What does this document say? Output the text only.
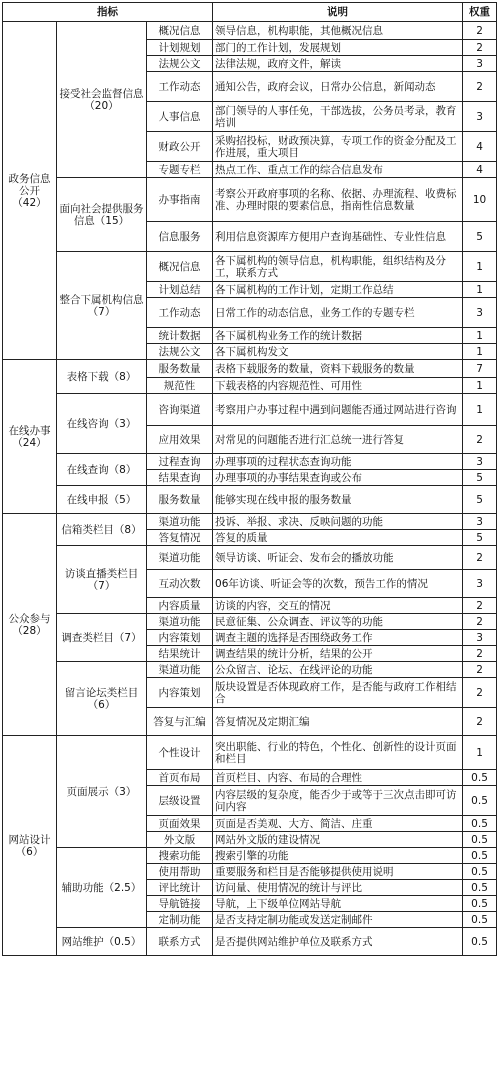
指标			说明	权重
政务信息公开（42）	接受社会监督信息（20）	概况信息	领导信息，机构职能，其他概况信息	2
		计划规划	部门的工作计划，发展规划	2
		法规公文	法律法规，政府文件，解读	3
		工作动态	通知公告，政府会议，日常办公信息，新闻动态	2
		人事信息	部门领导的人事任免，干部选拔，公务员考录，教育培训	3
		财政公开	采购招投标，财政预决算，专项工作的资金分配及工作进展，重大项目	4
		专题专栏	热点工作、重点工作的综合信息发布	4
	面向社会提供服务信息（15）	办事指南	考察公开政府事项的名称、依据、办理流程、收费标准、办理时限的要素信息，指南性信息数量	10
		信息服务	利用信息资源库方便用户查询基础性、专业性信息	5
	整合下属机构信息（7）	概况信息	各下属机构的领导信息，机构职能，组织结构及分工，联系方式	1
		计划总结	各下属机构的工作计划，定期工作总结	1
		工作动态	日常工作的动态信息，业务工作的专题专栏	3
		统计数据	各下属机构业务工作的统计数据	1
		法规公文	各下属机构发文	1
在线办事（24）	表格下载（8）	服务数量	表格下载服务的数量，资料下载服务的数量	7
		规范性	下载表格的内容规范性、可用性	1
	在线咨询（3）	咨询渠道	考察用户办事过程中遇到问题能否通过网站进行咨询	1
		应用效果	对常见的问题能否进行汇总统一进行答复	2
	在线查询（8）	过程查询	办理事项的过程状态查询功能	3
		结果查询	办理事项的办事结果查询或公布	5
	在线申报（5）	服务数量	能够实现在线申报的服务数量	5
公众参与（28）	信箱类栏目（8）	渠道功能	投诉、举报、求决、反映问题的功能	3
		答复情况	答复的质量	5
	访谈直播类栏目（7）	渠道功能	领导访谈、听证会、发布会的播放功能	2
		互动次数	06年访谈、听证会等的次数，预告工作的情况	3
		内容质量	访谈的内容，交互的情况	2
	调查类栏目（7）	渠道功能	民意征集、公众调查、评议等的功能	2
		内容策划	调查主题的选择是否围绕政务工作	3
		结果统计	调查结果的统计分析，结果的公开	2
	留言论坛类栏目（6）	渠道功能	公众留言、论坛、在线评论的功能	2
		内容策划	版块设置是否体现政府工作，是否能与政府工作相结合	2
		答复与汇编	答复情况及定期汇编	2
网站设计（6）	页面展示（3）	个性设计	突出职能、行业的特色，个性化、创新性的设计页面和栏目	1
		首页布局	首页栏目、内容、布局的合理性	0.5
		层级设置	内容层级的复杂度，能否少于或等于三次点击即可访问内容	0.5
		页面效果	页面是否美观、大方、简洁、庄重	0.5
		外文版	网站外文版的建设情况	0.5
	辅助功能（2.5）	搜索功能	搜索引擎的功能	0.5
		使用帮助	重要服务和栏目是否能够提供使用说明	0.5
		评比统计	访问量、使用情况的统计与评比	0.5
		导航链接	导航，上下级单位网站导航	0.5
		定制功能	是否支持定制功能或发送定制邮件	0.5
	网站维护（0.5）	联系方式	是否提供网站维护单位及联系方式	0.5
